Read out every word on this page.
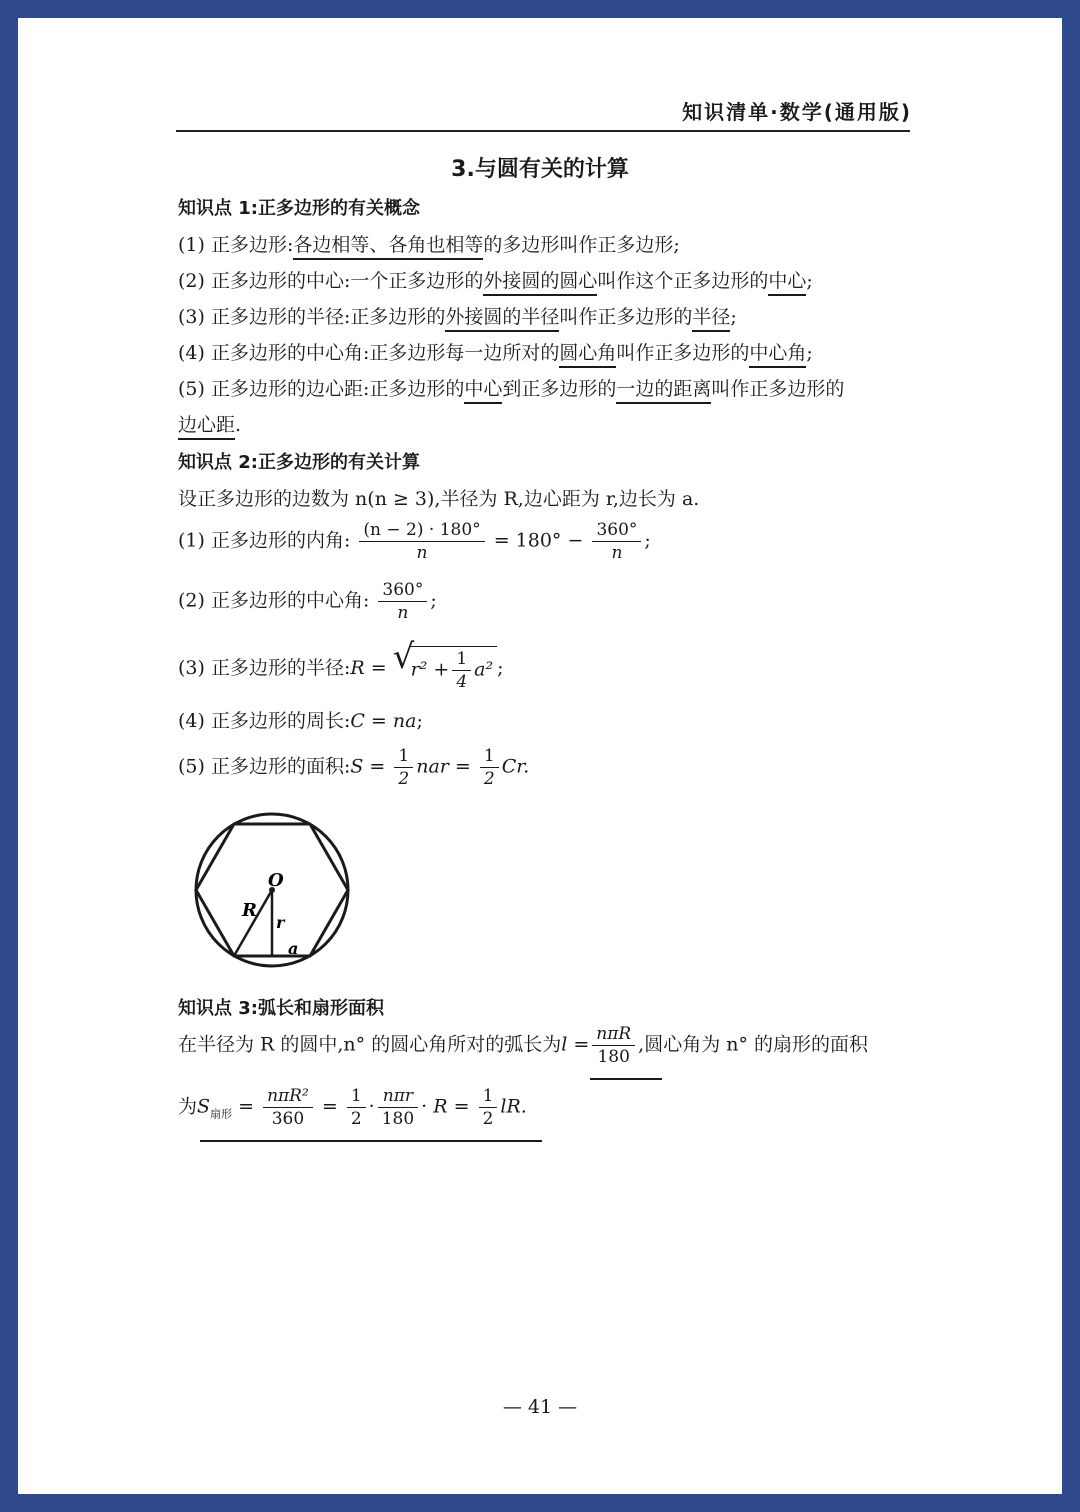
知识清单·数学(通用版)
3.与圆有关的计算
知识点 1:正多边形的有关概念
(1) 正多边形:各边相等、各角也相等的多边形叫作正多边形;
(2) 正多边形的中心:一个正多边形的外接圆的圆心叫作这个正多边形的中心;
(3) 正多边形的半径:正多边形的外接圆的半径叫作正多边形的半径;
(4) 正多边形的中心角:正多边形每一边所对的圆心角叫作正多边形的中心角;
(5) 正多边形的边心距:正多边形的中心到正多边形的一边的距离叫作正多边形的
边心距.
知识点 2:正多边形的有关计算
设正多边形的边数为 n(n ≥ 3),半径为 R,边心距为 r,边长为 a.
(1) 正多边形的内角: $\frac{(n - 2) \cdot 180^\circ}{n} = 180^\circ - \frac{360^\circ}{n}$ ;
(2) 正多边形的中心角: $\frac{360^\circ}{n}$ ;
(3) 正多边形的半径:R = √
$r^2 + \frac{1}{4} a^2$ ;
(4) 正多边形的周长:C = na;
(5) 正多边形的面积:S = $\frac{1}{2}$ nar = $\frac{1}{2} Cr$.
O
R
r
a
知识点 3:弧长和扇形面积
在半径为 R 的圆中,n° 的圆心角所对的弧长为$l = \frac{\text{nπR}}{180}$ ,圆心角为 n° 的扇形的面积
为$S_{扇形} = \frac{\text{nπR²}}{360} = \frac{1}{2} \cdot \frac{\text{nπr}}{180} \cdot R = \frac{1}{2}$ lR.
— 41 —
